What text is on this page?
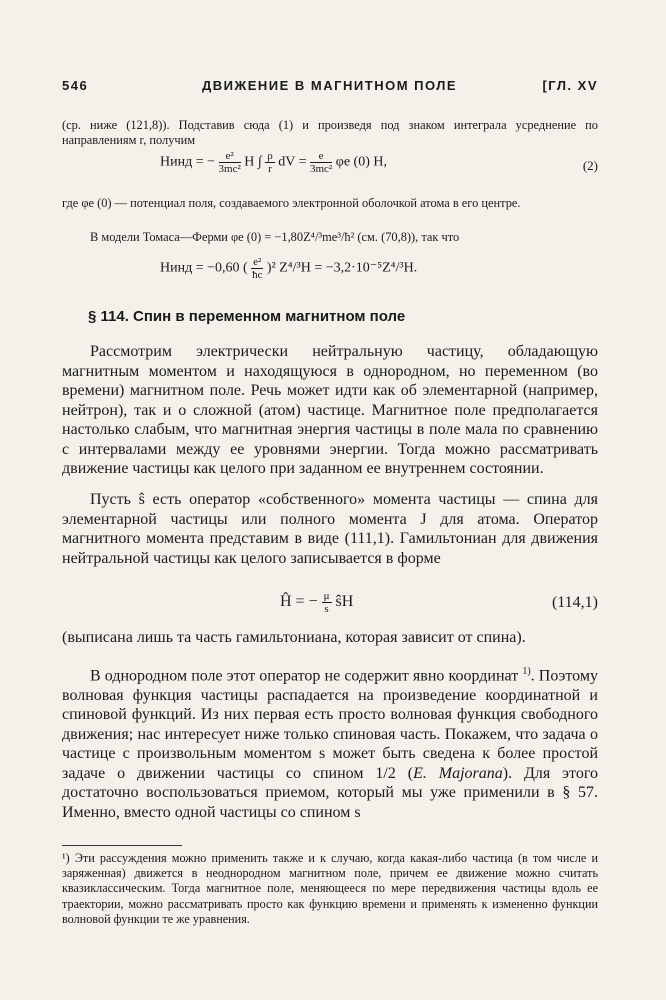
546	ДВИЖЕНИЕ В МАГНИТНОМ ПОЛЕ	[ГЛ. XV
(ср. ниже (121,8)). Подставив сюда (1) и произведя под знаком интеграла усреднение по направлениям r, получим
Hинд = − $\frac{\text{e²}}{\text{3mc²}}$ H ∫ $\frac{\rho}{r}$ dV = $\frac{e}{\text{3mc²}}$ φe (0) H,	(2)
где φe (0) — потенциал поля, создаваемого электронной оболочкой атома в его центре.
В модели Томаса—Ферми φe (0) = −1,80Z⁴/³me³/ħ² (см. (70,8)), так что
Hинд = −0,60 ( $\frac{\text{e²}}{ħc} )^2$ Z⁴/³H = −3,2·10⁻⁵Z⁴/³H.
§ 114. Спин в переменном магнитном поле
Рассмотрим электрически нейтральную частицу, обладающую магнитным моментом и находящуюся в однородном, но переменном (во времени) магнитном поле. Речь может идти как об элементарной (например, нейтрон), так и о сложной (атом) частице. Магнитное поле предполагается настолько слабым, что магнитная энергия частицы в поле мала по сравнению с интервалами между ее уровнями энергии. Тогда можно рассматривать движение частицы как целого при заданном ее внутреннем состоянии.
Пусть ŝ есть оператор «собственного» момента частицы — спина для элементарной частицы или полного момента J для атома. Оператор магнитного момента представим в виде (111,1). Гамильтониан для движения нейтральной частицы как целого записывается в форме
Ĥ = − $\frac{\mu}{s}$ ŝH	(114,1)
(выписана лишь та часть гамильтониана, которая зависит от спина).
В однородном поле этот оператор не содержит явно координат $^{1)}$. Поэтому волновая функция частицы распадается на произведение координатной и спиновой функций. Из них первая есть просто волновая функция свободного движения; нас интересует ниже только спиновая часть. Покажем, что задача о частице с произвольным моментом s может быть сведена к более простой задаче о движении частицы со спином 1/2 (E. Majorana). Для этого достаточно воспользоваться приемом, который мы уже применили в § 57. Именно, вместо одной частицы со спином s
¹) Эти рассуждения можно применить также и к случаю, когда какая-либо частица (в том числе и заряженная) движется в неоднородном магнитном поле, причем ее движение можно считать квазиклассическим. Тогда магнитное поле, меняющееся по мере передвижения частицы вдоль ее траектории, можно рассматривать просто как функцию времени и применять к измененно функции волновой функции те же уравнения.
